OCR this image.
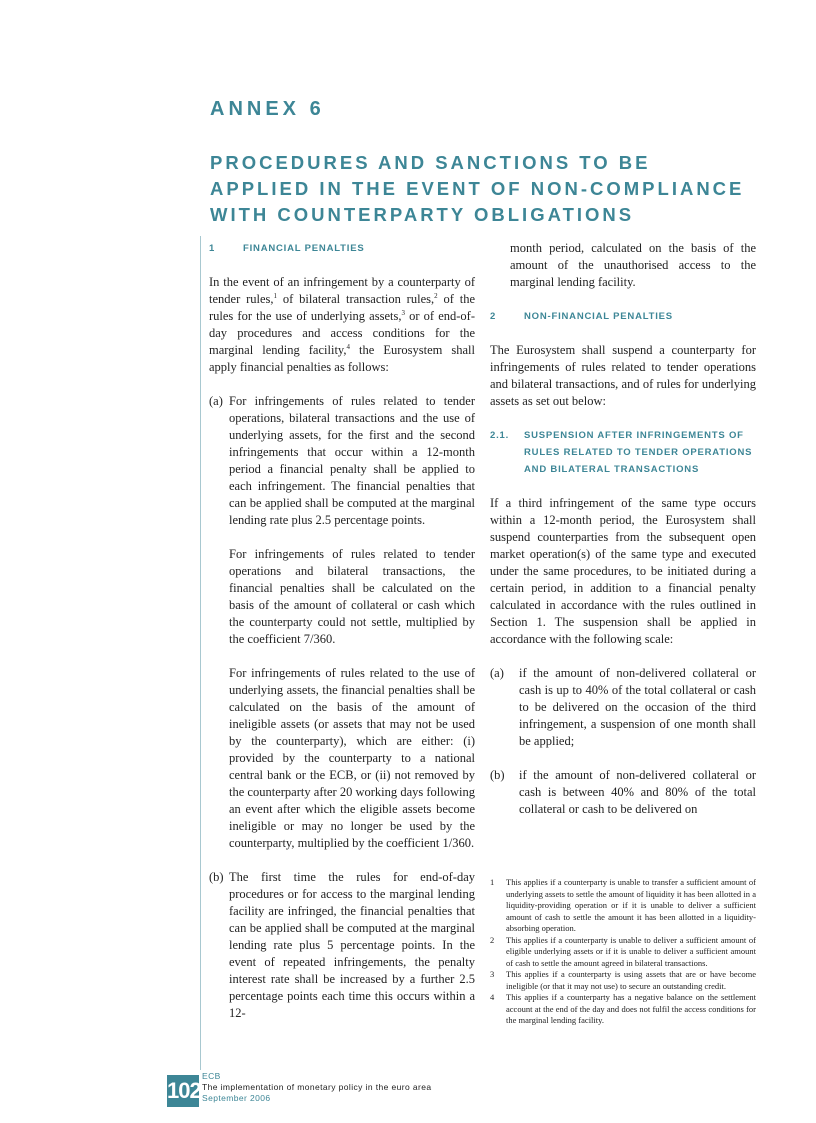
ANNEX 6
PROCEDURES AND SANCTIONS TO BE
APPLIED IN THE EVENT OF NON-COMPLIANCE
WITH COUNTERPARTY OBLIGATIONS
1	FINANCIAL PENALTIES

In the event of an infringement by a counterparty of tender rules,$^1$ of bilateral transaction rules,$^2$ of the rules for the use of underlying assets,$^3$ or of end-of-day procedures and access conditions for the marginal lending facility,$^4$ the Eurosystem shall apply financial penalties as follows:

(a) For infringements of rules related to tender operations, bilateral transactions and the use of underlying assets, for the first and the second infringements that occur within a 12-month period a financial penalty shall be applied to each infringement. The financial penalties that can be applied shall be computed at the marginal lending rate plus 2.5 percentage points.

For infringements of rules related to tender operations and bilateral transactions, the financial penalties shall be calculated on the basis of the amount of collateral or cash which the counterparty could not settle, multiplied by the coefficient 7/360.

For infringements of rules related to the use of underlying assets, the financial penalties shall be calculated on the basis of the amount of ineligible assets (or assets that may not be used by the counterparty), which are either: (i) provided by the counterparty to a national central bank or the ECB, or (ii) not removed by the counterparty after 20 working days following an event after which the eligible assets become ineligible or may no longer be used by the counterparty, multiplied by the coefficient 1/360.

(b) The first time the rules for end-of-day procedures or for access to the marginal lending facility are infringed, the financial penalties that can be applied shall be computed at the marginal lending rate plus 5 percentage points. In the event of repeated infringements, the penalty interest rate shall be increased by a further 2.5 percentage points each time this occurs within a 12-

month period, calculated on the basis of the amount of the unauthorised access to the marginal lending facility.

2	NON-FINANCIAL PENALTIES

The Eurosystem shall suspend a counterparty for infringements of rules related to tender operations and bilateral transactions, and of rules for underlying assets as set out below:

2.1.	SUSPENSION AFTER INFRINGEMENTS OF RULES RELATED TO TENDER OPERATIONS AND BILATERAL TRANSACTIONS

If a third infringement of the same type occurs within a 12-month period, the Eurosystem shall suspend counterparties from the subsequent open market operation(s) of the same type and executed under the same procedures, to be initiated during a certain period, in addition to a financial penalty calculated in accordance with the rules outlined in Section 1. The suspension shall be applied in accordance with the following scale:

(a)	if the amount of non-delivered collateral or cash is up to 40% of the total collateral or cash to be delivered on the occasion of the third infringement, a suspension of one month shall be applied;
(b)	if the amount of non-delivered collateral or cash is between 40% and 80% of the total collateral or cash to be delivered on
1	This applies if a counterparty is unable to transfer a sufficient amount of underlying assets to settle the amount of liquidity it has been allotted in a liquidity-providing operation or if it is unable to deliver a sufficient amount of cash to settle the amount it has been allotted in a liquidity-absorbing operation.
2	This applies if a counterparty is unable to deliver a sufficient amount of eligible underlying assets or if it is unable to deliver a sufficient amount of cash to settle the amount agreed in bilateral transactions.
3	This applies if a counterparty is using assets that are or have become ineligible (or that it may not use) to secure an outstanding credit.
4	This applies if a counterparty has a negative balance on the settlement account at the end of the day and does not fulfil the access conditions for the marginal lending facility.
102
ECB
The implementation of monetary policy in the euro area
September 2006
